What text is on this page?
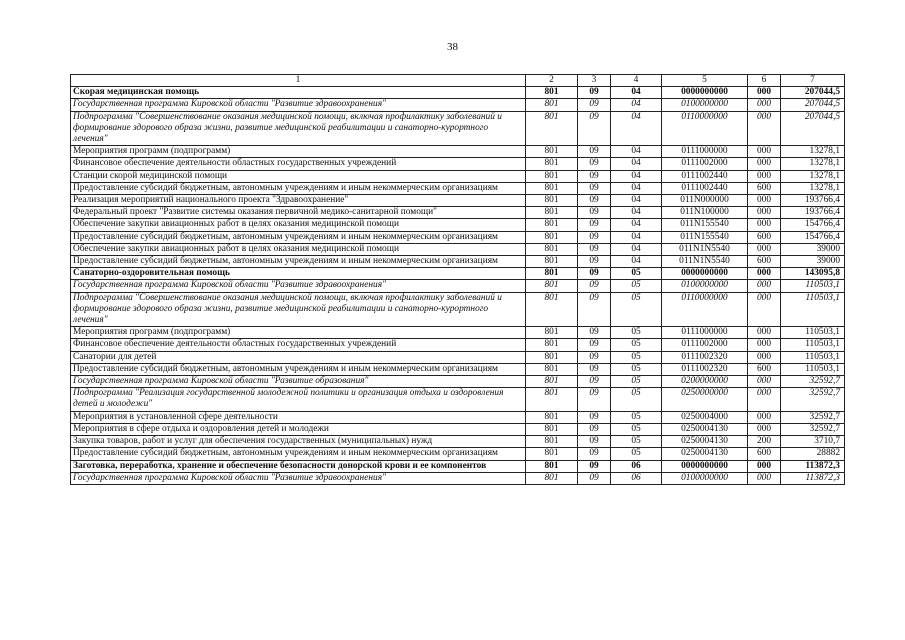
38
1	2	3	4	5	6	7
Скорая медицинская помощь	801	09	04	0000000000	000	207044,5
Государственная программа Кировской области "Развитие здравоохранения"	801	09	04	0100000000	000	207044,5
Подпрограмма "Совершенствование оказания медицинской помощи, включая профилактику заболеваний и формирование здорового образа жизни, развитие медицинской реабилитации и санаторно-курортного лечения"	801	09	04	0110000000	000	207044,5
Мероприятия программ (подпрограмм)	801	09	04	0111000000	000	13278,1
Финансовое обеспечение деятельности областных государственных учреждений	801	09	04	0111002000	000	13278,1
Станции скорой медицинской помощи	801	09	04	0111002440	000	13278,1
Предоставление субсидий бюджетным, автономным учреждениям и иным некоммерческим организациям	801	09	04	0111002440	600	13278,1
Реализация мероприятий национального проекта "Здравоохранение"	801	09	04	011N000000	000	193766,4
Федеральный проект "Развитие системы оказания первичной медико-санитарной помощи"	801	09	04	011N100000	000	193766,4
Обеспечение закупки авиационных работ в целях оказания медицинской помощи	801	09	04	011N155540	000	154766,4
Предоставление субсидий бюджетным, автономным учреждениям и иным некоммерческим организациям	801	09	04	011N155540	600	154766,4
Обеспечение закупки авиационных работ в целях оказания медицинской помощи	801	09	04	011N1N5540	000	39000
Предоставление субсидий бюджетным, автономным учреждениям и иным некоммерческим организациям	801	09	04	011N1N5540	600	39000
Санаторно-оздоровительная помощь	801	09	05	0000000000	000	143095,8
Государственная программа Кировской области "Развитие здравоохранения"	801	09	05	0100000000	000	110503,1
Подпрограмма "Совершенствование оказания медицинской помощи, включая профилактику заболеваний и формирование здорового образа жизни, развитие медицинской реабилитации и санаторно-курортного лечения"	801	09	05	0110000000	000	110503,1
Мероприятия программ (подпрограмм)	801	09	05	0111000000	000	110503,1
Финансовое обеспечение деятельности областных государственных учреждений	801	09	05	0111002000	000	110503,1
Санатории для детей	801	09	05	0111002320	000	110503,1
Предоставление субсидий бюджетным, автономным учреждениям и иным некоммерческим организациям	801	09	05	0111002320	600	110503,1
Государственная программа Кировской области "Развитие образования"	801	09	05	0200000000	000	32592,7
Подпрограмма "Реализация государственной молодежной политики и организация отдыха и оздоровления детей и молодежи"	801	09	05	0250000000	000	32592,7
Мероприятия в установленной сфере деятельности	801	09	05	0250004000	000	32592,7
Мероприятия в сфере отдыха и оздоровления детей и молодежи	801	09	05	0250004130	000	32592,7
Закупка товаров, работ и услуг для обеспечения государственных (муниципальных) нужд	801	09	05	0250004130	200	3710,7
Предоставление субсидий бюджетным, автономным учреждениям и иным некоммерческим организациям	801	09	05	0250004130	600	28882
Заготовка, переработка, хранение и обеспечение безопасности донорской крови и ее компонентов	801	09	06	0000000000	000	113872,3
Государственная программа Кировской области "Развитие здравоохранения"	801	09	06	0100000000	000	113872,3
